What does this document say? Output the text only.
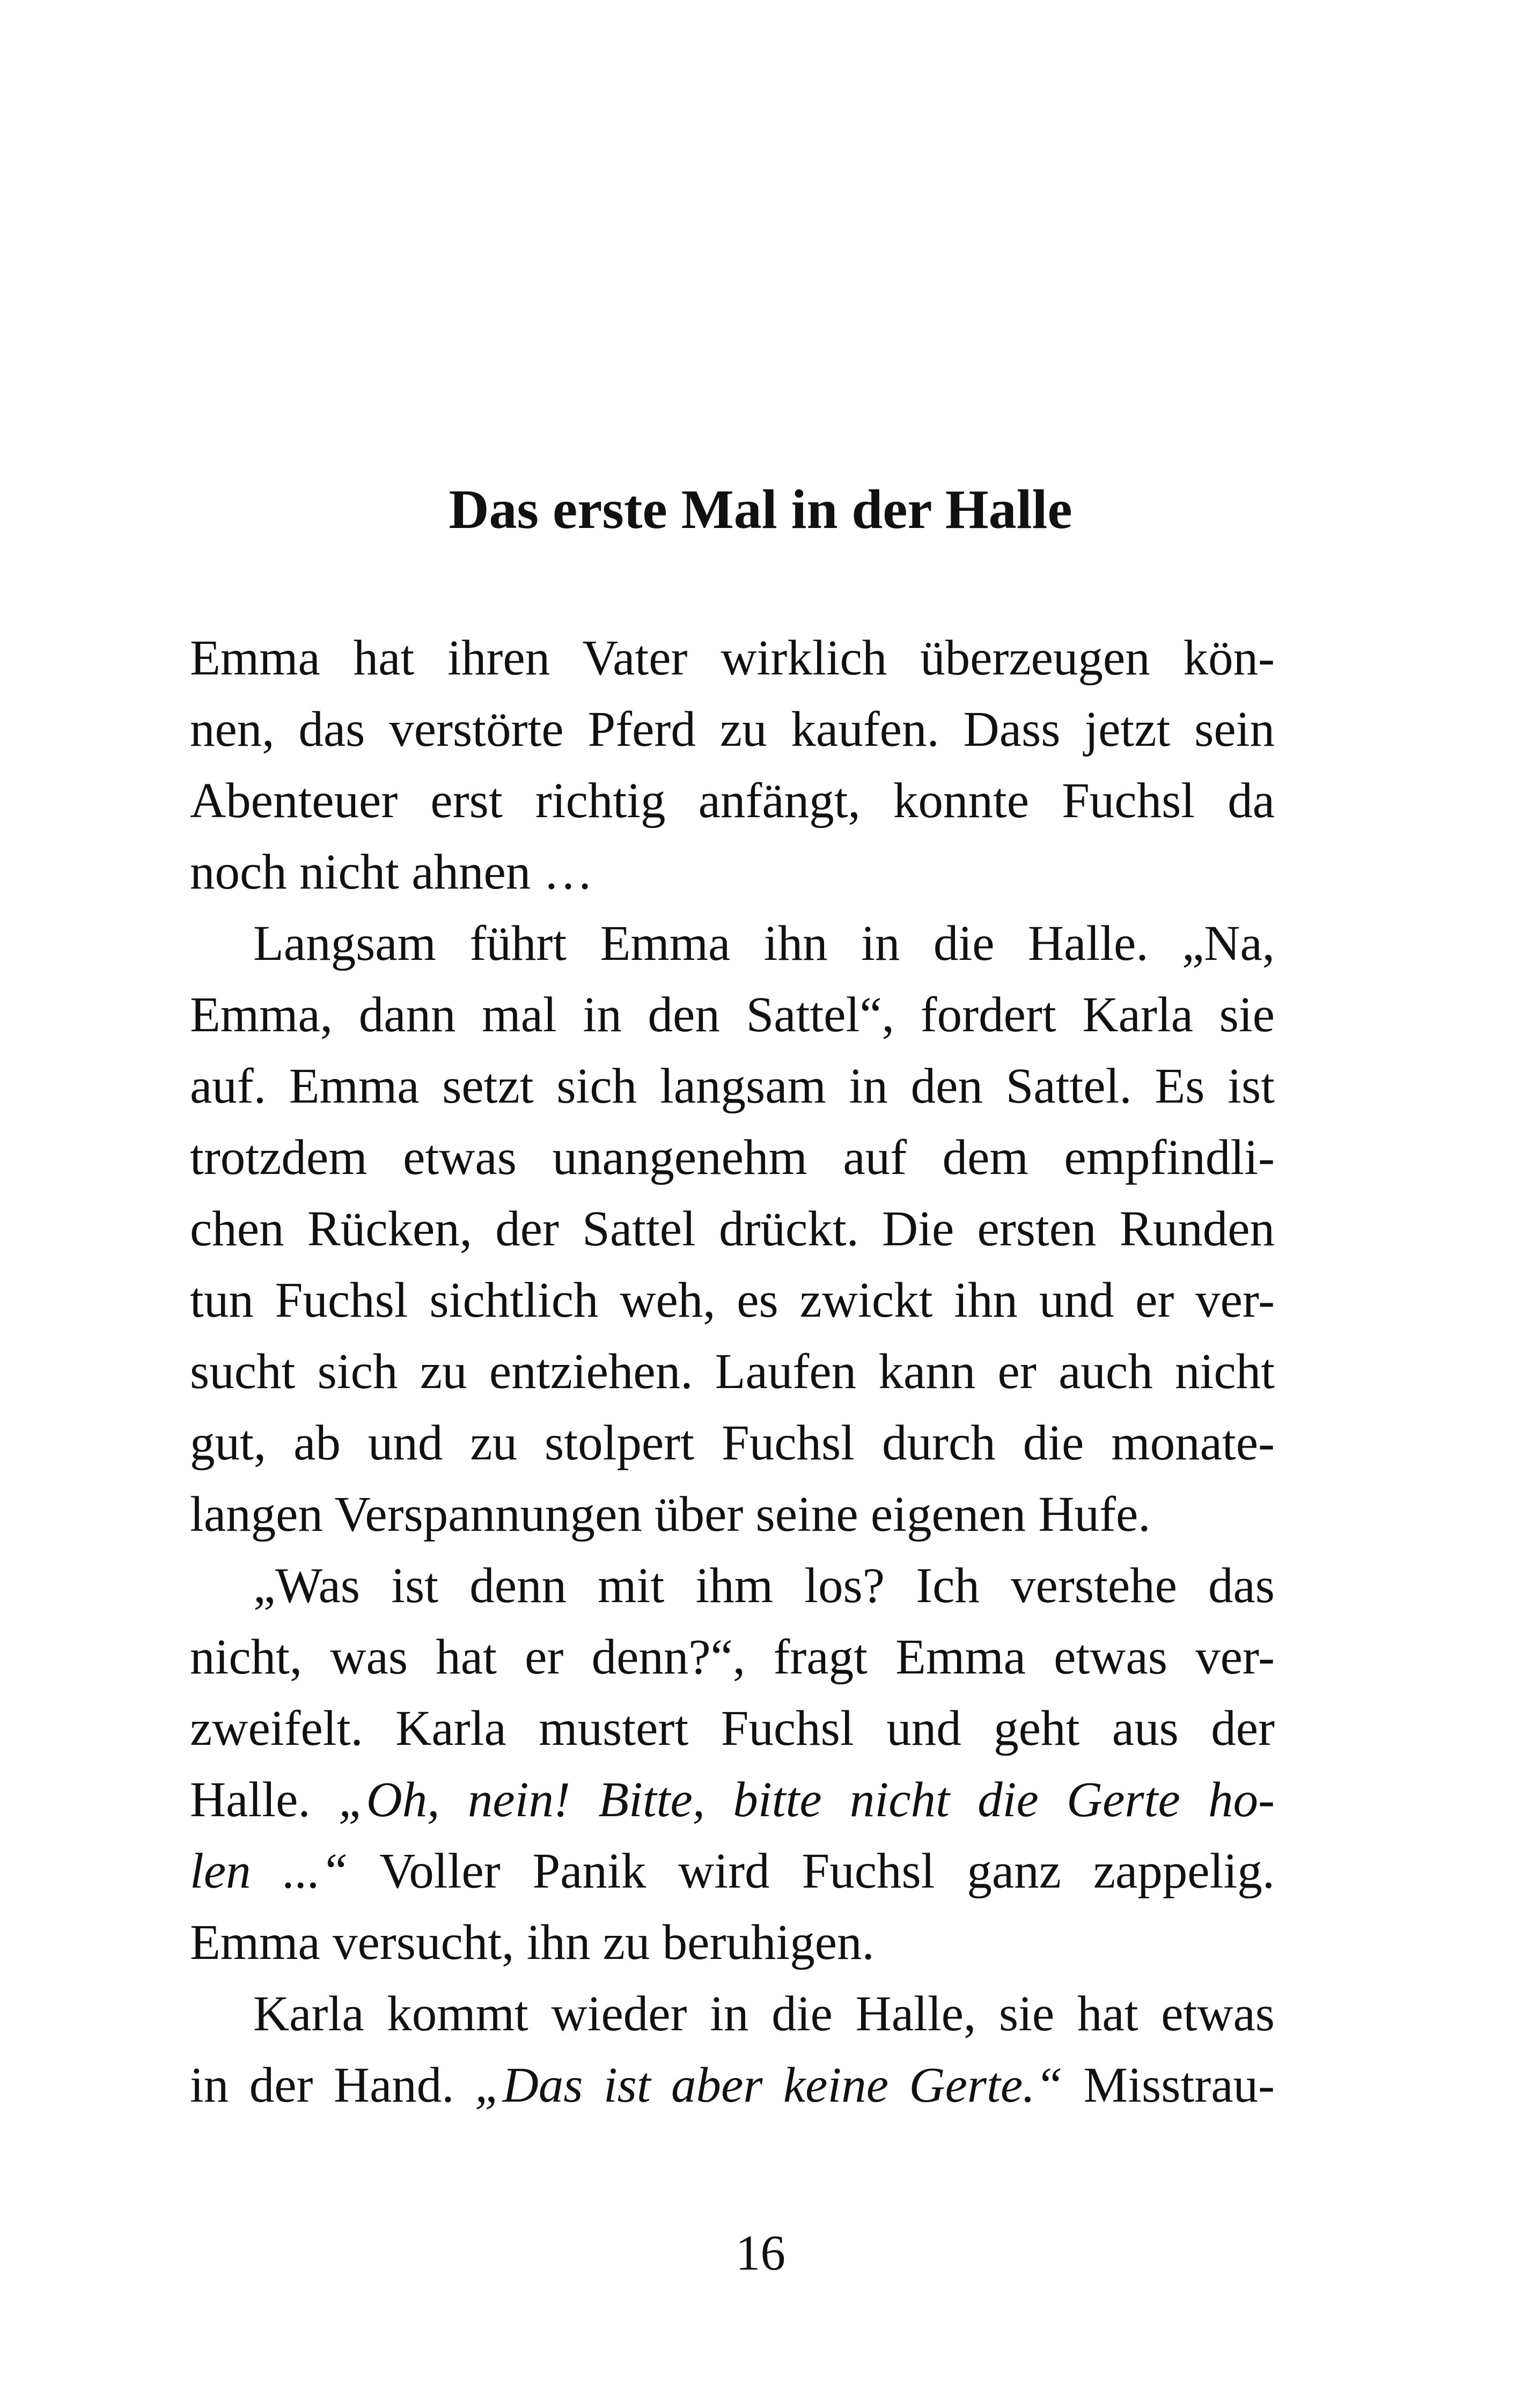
Das erste Mal in der Halle
Emma hat ihren Vater wirklich überzeugen kön-
nen, das verstörte Pferd zu kaufen. Dass jetzt sein
Abenteuer erst richtig anfängt, konnte Fuchsl da
noch nicht ahnen …
Langsam führt Emma ihn in die Halle. „Na,
Emma, dann mal in den Sattel“, fordert Karla sie
auf. Emma setzt sich langsam in den Sattel. Es ist
trotzdem etwas unangenehm auf dem empfindli-
chen Rücken, der Sattel drückt. Die ersten Runden
tun Fuchsl sichtlich weh, es zwickt ihn und er ver-
sucht sich zu entziehen. Laufen kann er auch nicht
gut, ab und zu stolpert Fuchsl durch die monate-
langen Verspannungen über seine eigenen Hufe.
„Was ist denn mit ihm los? Ich verstehe das
nicht, was hat er denn?“, fragt Emma etwas ver-
zweifelt. Karla mustert Fuchsl und geht aus der
Halle. „Oh, nein! Bitte, bitte nicht die Gerte ho-
len ...“ Voller Panik wird Fuchsl ganz zappelig.
Emma versucht, ihn zu beruhigen.
Karla kommt wieder in die Halle, sie hat etwas
in der Hand. „Das ist aber keine Gerte.“ Misstrau-
16
